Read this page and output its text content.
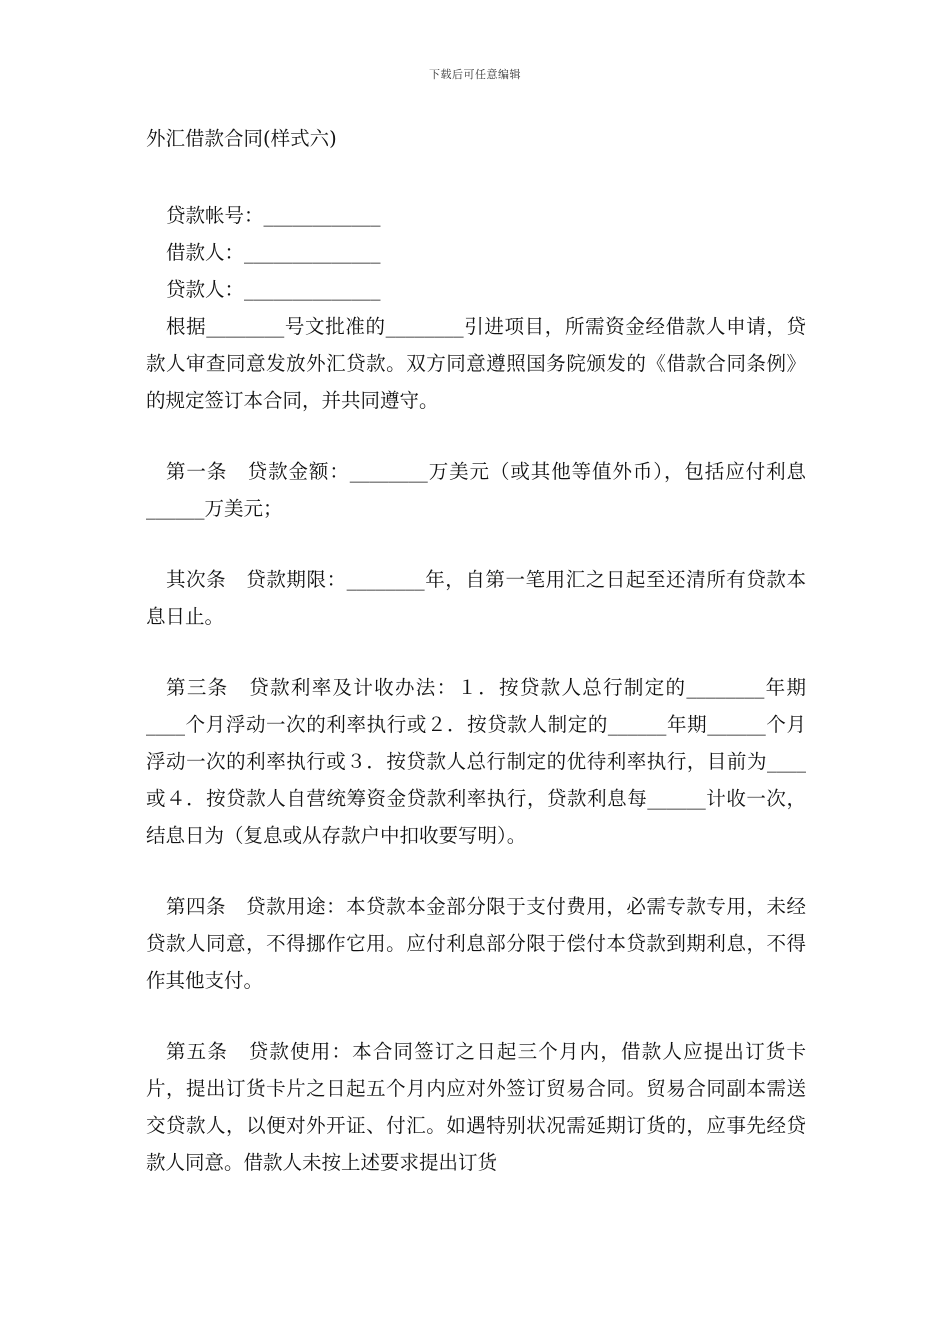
下载后可任意编辑
外汇借款合同(样式六)
贷款帐号：____________
借款人：______________
贷款人：______________

根据________号文批准的________引进项目，所需资金经借款人申请，贷款人审查同意发放外汇贷款。双方同意遵照国务院颁发的《借款合同条例》的规定签订本合同，并共同遵守。

第一条　贷款金额：________万美元（或其他等值外币），包括应付利息______万美元；

其次条　贷款期限：________年，自第一笔用汇之日起至还清所有贷款本息日止。

第三条　贷款利率及计收办法：１．按贷款人总行制定的________年期____个月浮动一次的利率执行或２．按贷款人制定的______年期______个月浮动一次的利率执行或３．按贷款人总行制定的优待利率执行，目前为____或４．按贷款人自营统筹资金贷款利率执行，贷款利息每______计收一次，结息日为（复息或从存款户中扣收要写明）。

第四条　贷款用途：本贷款本金部分限于支付费用，必需专款专用，未经贷款人同意，不得挪作它用。应付利息部分限于偿付本贷款到期利息，不得作其他支付。

第五条　贷款使用：本合同签订之日起三个月内，借款人应提出订货卡片，提出订货卡片之日起五个月内应对外签订贸易合同。贸易合同副本需送交贷款人，以便对外开证、付汇。如遇特别状况需延期订货的，应事先经贷款人同意。借款人未按上述要求提出订货
